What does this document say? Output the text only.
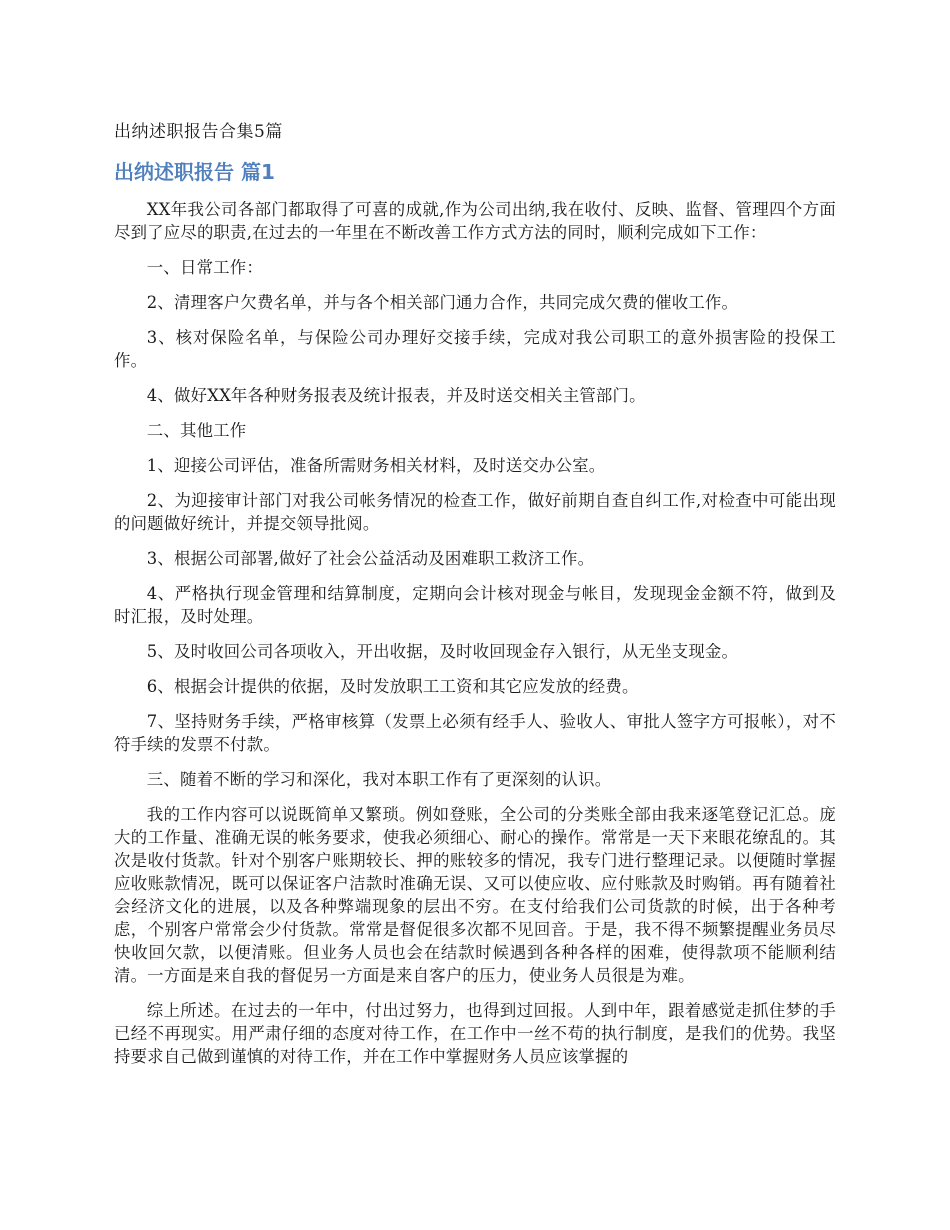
出纳述职报告合集5篇
出纳述职报告 篇1

XX年我公司各部门都取得了可喜的成就,作为公司出纳,我在收付、反映、监督、管理四个方面尽到了应尽的职责,在过去的一年里在不断改善工作方式方法的同时，顺利完成如下工作：

一、日常工作：

2、清理客户欠费名单，并与各个相关部门通力合作，共同完成欠费的催收工作。

3、核对保险名单，与保险公司办理好交接手续，完成对我公司职工的意外损害险的投保工作。

4、做好XX年各种财务报表及统计报表，并及时送交相关主管部门。

二、其他工作

1、迎接公司评估，准备所需财务相关材料，及时送交办公室。

2、为迎接审计部门对我公司帐务情况的检查工作，做好前期自查自纠工作,对检查中可能出现的问题做好统计，并提交领导批阅。

3、根据公司部署,做好了社会公益活动及困难职工救济工作。

4、严格执行现金管理和结算制度，定期向会计核对现金与帐目，发现现金金额不符，做到及时汇报，及时处理。

5、及时收回公司各项收入，开出收据，及时收回现金存入银行，从无坐支现金。

6、根据会计提供的依据，及时发放职工工资和其它应发放的经费。

7、坚持财务手续，严格审核算（发票上必须有经手人、验收人、审批人签字方可报帐），对不符手续的发票不付款。

三、随着不断的学习和深化，我对本职工作有了更深刻的认识。

我的工作内容可以说既简单又繁琐。例如登账，全公司的分类账全部由我来逐笔登记汇总。庞大的工作量、准确无误的帐务要求，使我必须细心、耐心的操作。常常是一天下来眼花缭乱的。其次是收付货款。针对个别客户账期较长、押的账较多的情况，我专门进行整理记录。以便随时掌握应收账款情况，既可以保证客户洁款时准确无误、又可以使应收、应付账款及时购销。再有随着社会经济文化的进展，以及各种弊端现象的层出不穷。在支付给我们公司货款的时候，出于各种考虑，个别客户常常会少付货款。常常是督促很多次都不见回音。于是，我不得不频繁提醒业务员尽快收回欠款，以便清账。但业务人员也会在结款时候遇到各种各样的困难，使得款项不能顺利结清。一方面是来自我的督促另一方面是来自客户的压力，使业务人员很是为难。

综上所述。在过去的一年中，付出过努力，也得到过回报。人到中年，跟着感觉走抓住梦的手已经不再现实。用严肃仔细的态度对待工作，在工作中一丝不苟的执行制度，是我们的优势。我坚持要求自己做到谨慎的对待工作，并在工作中掌握财务人员应该掌握的
